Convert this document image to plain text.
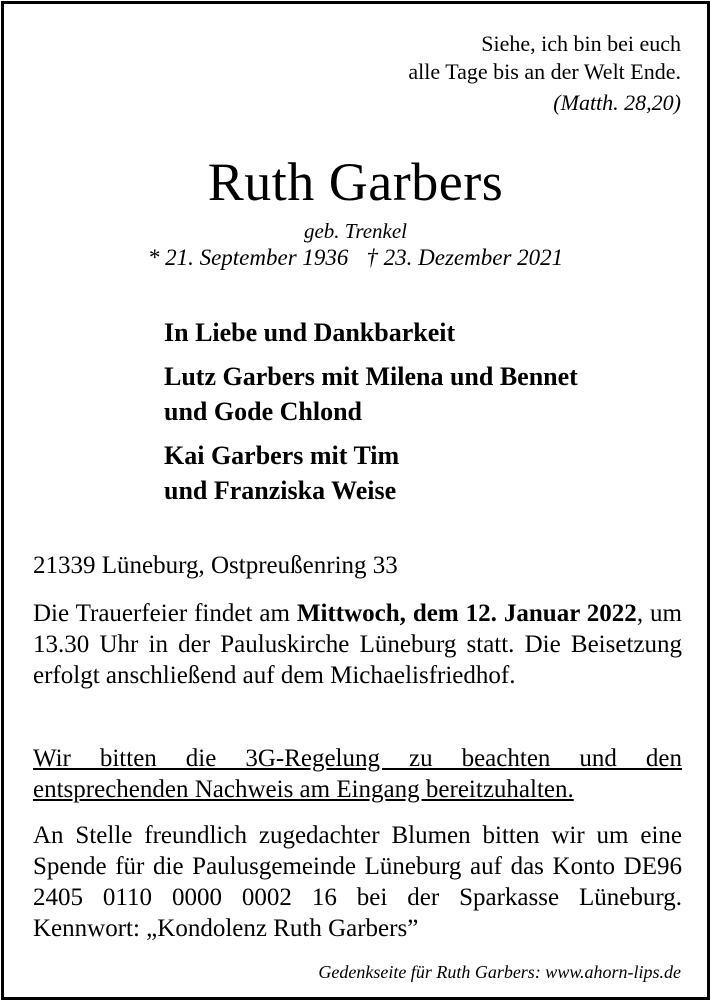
Siehe, ich bin bei euch
alle Tage bis an der Welt Ende.
(Matth. 28,20)
Ruth Garbers
geb. Trenkel
* 21. September 1936 † 23. Dezember 2021
In Liebe und Dankbarkeit
Lutz Garbers mit Milena und Bennet
und Gode Chlond
Kai Garbers mit Tim
und Franziska Weise
21339 Lüneburg, Ostpreußenring 33
Die Trauerfeier findet am Mittwoch, dem 12. Januar 2022, um 13.30 Uhr in der Pauluskirche Lüneburg statt. Die Beisetzung erfolgt anschließend auf dem Michaelisfriedhof.
Wir bitten die 3G-Regelung zu beachten und den entsprechenden Nachweis am Eingang bereitzuhalten.
An Stelle freundlich zugedachter Blumen bitten wir um eine Spende für die Paulusgemeinde Lüneburg auf das Konto DE96 2405 0110 0000 0002 16 bei der Sparkasse Lüneburg. Kennwort: „Kondolenz Ruth Garbers”
Gedenkseite für Ruth Garbers: www.ahorn-lips.de
